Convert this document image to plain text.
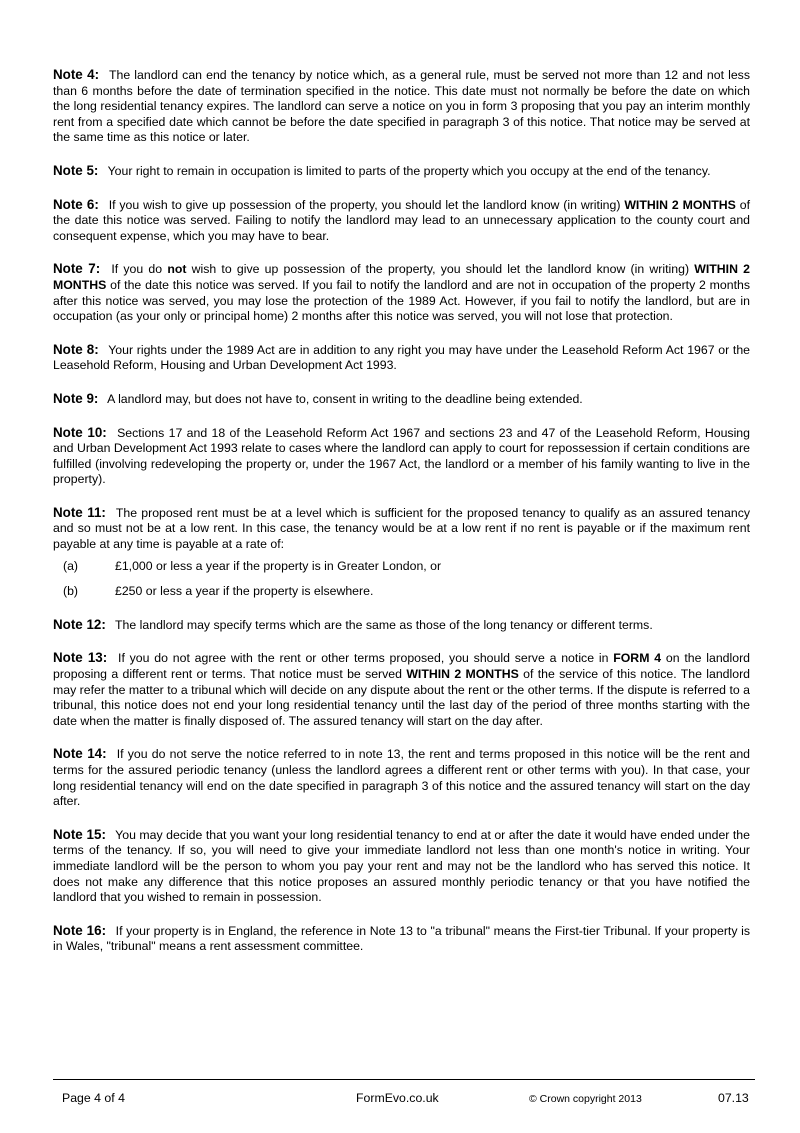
Note 4: The landlord can end the tenancy by notice which, as a general rule, must be served not more than 12 and not less than 6 months before the date of termination specified in the notice. This date must not normally be before the date on which the long residential tenancy expires. The landlord can serve a notice on you in form 3 proposing that you pay an interim monthly rent from a specified date which cannot be before the date specified in paragraph 3 of this notice. That notice may be served at the same time as this notice or later.

Note 5: Your right to remain in occupation is limited to parts of the property which you occupy at the end of the tenancy.

Note 6: If you wish to give up possession of the property, you should let the landlord know (in writing) WITHIN 2 MONTHS of the date this notice was served. Failing to notify the landlord may lead to an unnecessary application to the county court and consequent expense, which you may have to bear.

Note 7: If you do not wish to give up possession of the property, you should let the landlord know (in writing) WITHIN 2 MONTHS of the date this notice was served. If you fail to notify the landlord and are not in occupation of the property 2 months after this notice was served, you may lose the protection of the 1989 Act. However, if you fail to notify the landlord, but are in occupation (as your only or principal home) 2 months after this notice was served, you will not lose that protection.

Note 8: Your rights under the 1989 Act are in addition to any right you may have under the Leasehold Reform Act 1967 or the Leasehold Reform, Housing and Urban Development Act 1993.

Note 9: A landlord may, but does not have to, consent in writing to the deadline being extended.

Note 10: Sections 17 and 18 of the Leasehold Reform Act 1967 and sections 23 and 47 of the Leasehold Reform, Housing and Urban Development Act 1993 relate to cases where the landlord can apply to court for repossession if certain conditions are fulfilled (involving redeveloping the property or, under the 1967 Act, the landlord or a member of his family wanting to live in the property).

Note 11: The proposed rent must be at a level which is sufficient for the proposed tenancy to qualify as an assured tenancy and so must not be at a low rent. In this case, the tenancy would be at a low rent if no rent is payable or if the maximum rent payable at any time is payable at a rate of:
(a)	£1,000 or less a year if the property is in Greater London, or
(b)	£250 or less a year if the property is elsewhere.

Note 12: The landlord may specify terms which are the same as those of the long tenancy or different terms.

Note 13: If you do not agree with the rent or other terms proposed, you should serve a notice in FORM 4 on the landlord proposing a different rent or terms. That notice must be served WITHIN 2 MONTHS of the service of this notice. The landlord may refer the matter to a tribunal which will decide on any dispute about the rent or the other terms. If the dispute is referred to a tribunal, this notice does not end your long residential tenancy until the last day of the period of three months starting with the date when the matter is finally disposed of. The assured tenancy will start on the day after.

Note 14: If you do not serve the notice referred to in note 13, the rent and terms proposed in this notice will be the rent and terms for the assured periodic tenancy (unless the landlord agrees a different rent or other terms with you). In that case, your long residential tenancy will end on the date specified in paragraph 3 of this notice and the assured tenancy will start on the day after.

Note 15: You may decide that you want your long residential tenancy to end at or after the date it would have ended under the terms of the tenancy. If so, you will need to give your immediate landlord not less than one month's notice in writing. Your immediate landlord will be the person to whom you pay your rent and may not be the landlord who has served this notice. It does not make any difference that this notice proposes an assured monthly periodic tenancy or that you have notified the landlord that you wished to remain in possession.

Note 16: If your property is in England, the reference in Note 13 to "a tribunal" means the First-tier Tribunal. If your property is in Wales, "tribunal" means a rent assessment committee.

Page 4 of 4	FormEvo.co.uk	© Crown copyright 2013	07.13
